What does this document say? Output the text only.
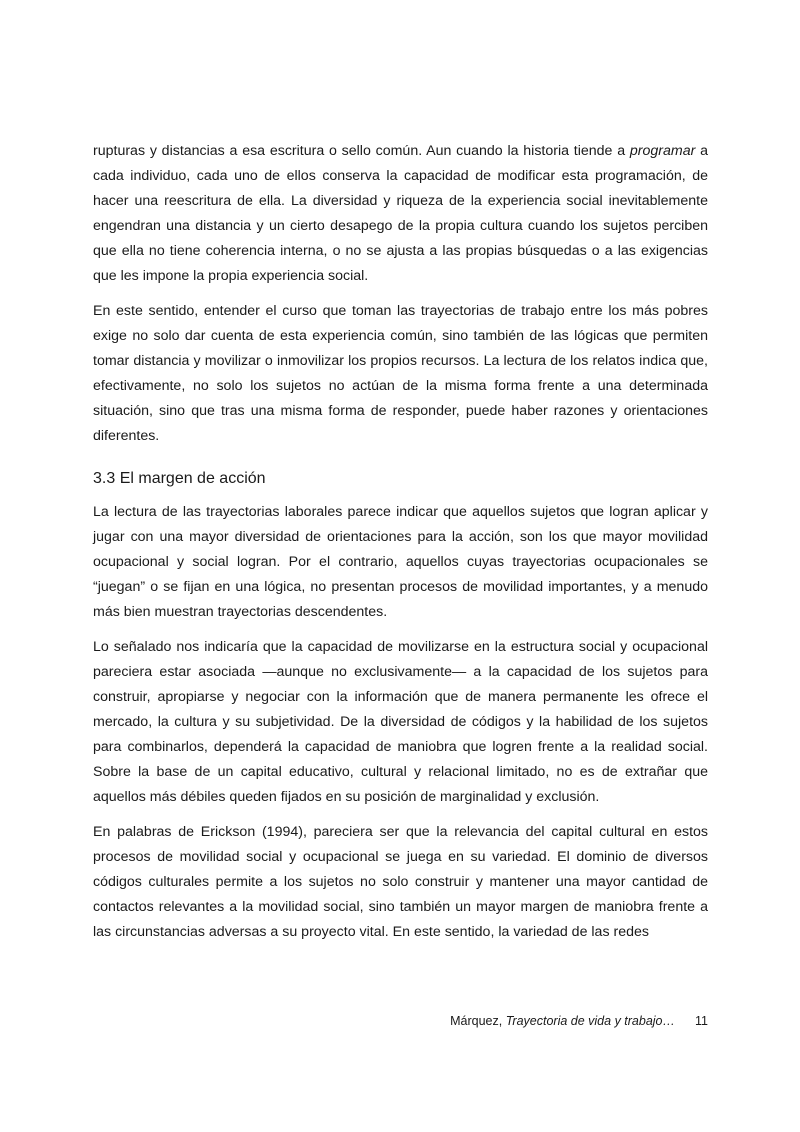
rupturas y distancias a esa escritura o sello común. Aun cuando la historia tiende a programar a cada individuo, cada uno de ellos conserva la capacidad de modificar esta programación, de hacer una reescritura de ella. La diversidad y riqueza de la experiencia social inevitablemente engendran una distancia y un cierto desapego de la propia cultura cuando los sujetos perciben que ella no tiene coherencia interna, o no se ajusta a las propias búsquedas o a las exigencias que les impone la propia experiencia social.

En este sentido, entender el curso que toman las trayectorias de trabajo entre los más pobres exige no solo dar cuenta de esta experiencia común, sino también de las lógicas que permiten tomar distancia y movilizar o inmovilizar los propios recursos. La lectura de los relatos indica que, efectivamente, no solo los sujetos no actúan de la misma forma frente a una determinada situación, sino que tras una misma forma de responder, puede haber razones y orientaciones diferentes.

3.3 El margen de acción

La lectura de las trayectorias laborales parece indicar que aquellos sujetos que logran aplicar y jugar con una mayor diversidad de orientaciones para la acción, son los que mayor movilidad ocupacional y social logran. Por el contrario, aquellos cuyas trayectorias ocupacionales se “juegan” o se fijan en una lógica, no presentan procesos de movilidad importantes, y a menudo más bien muestran trayectorias descendentes.

Lo señalado nos indicaría que la capacidad de movilizarse en la estructura social y ocupacional pareciera estar asociada —aunque no exclusivamente— a la capacidad de los sujetos para construir, apropiarse y negociar con la información que de manera permanente les ofrece el mercado, la cultura y su subjetividad. De la diversidad de códigos y la habilidad de los sujetos para combinarlos, dependerá la capacidad de maniobra que logren frente a la realidad social. Sobre la base de un capital educativo, cultural y relacional limitado, no es de extrañar que aquellos más débiles queden fijados en su posición de marginalidad y exclusión.

En palabras de Erickson (1994), pareciera ser que la relevancia del capital cultural en estos procesos de movilidad social y ocupacional se juega en su variedad. El dominio de diversos códigos culturales permite a los sujetos no solo construir y mantener una mayor cantidad de contactos relevantes a la movilidad social, sino también un mayor margen de maniobra frente a las circunstancias adversas a su proyecto vital. En este sentido, la variedad de las redes

Márquez, Trayectoria de vida y trabajo… 11
